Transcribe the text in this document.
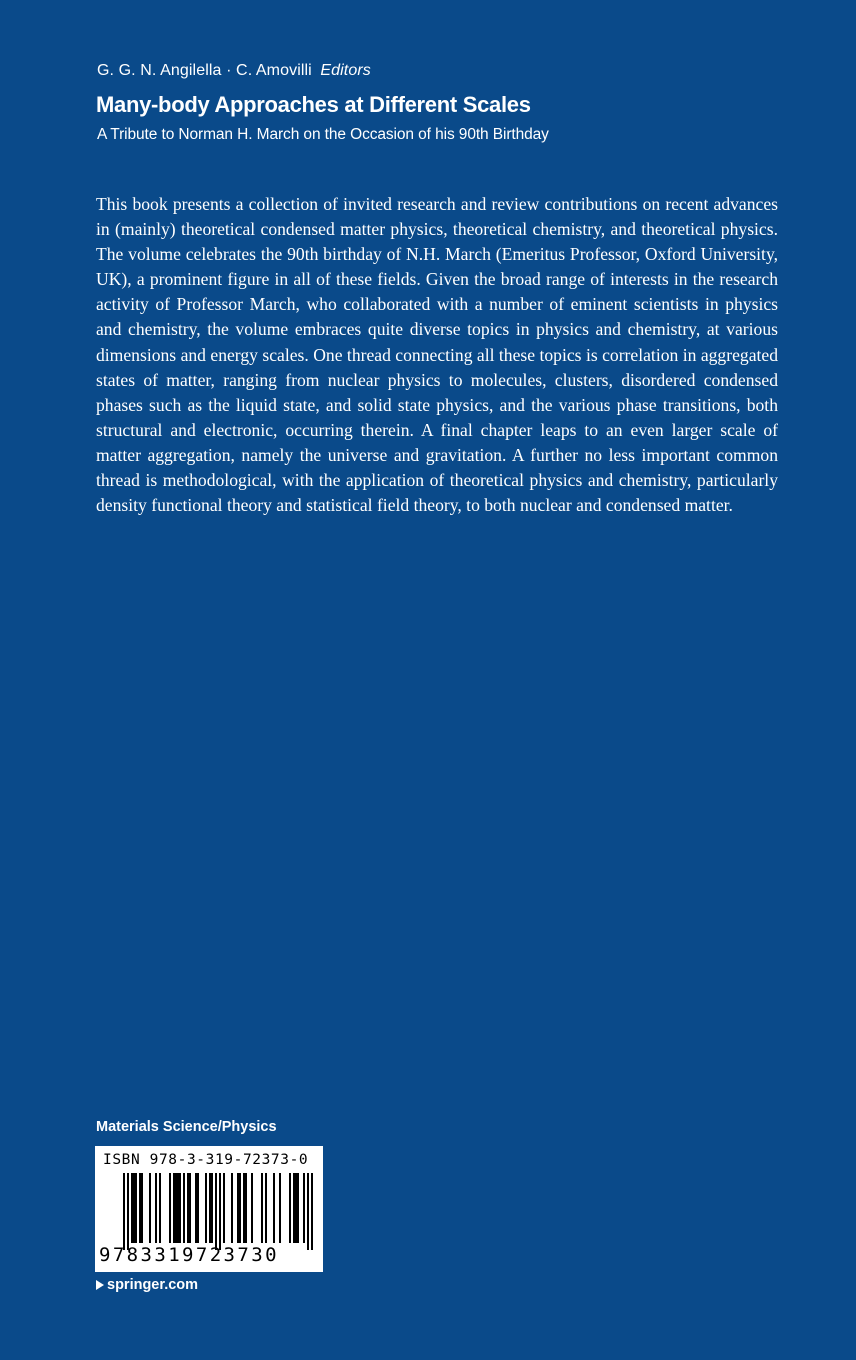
G. G. N. Angilella · C. Amovilli Editors
Many-body Approaches at Different Scales
A Tribute to Norman H. March on the Occasion of his 90th Birthday

This book presents a collection of invited research and review contributions on recent advances in (mainly) theoretical condensed matter physics, theoretical chemistry, and theoretical physics. The volume celebrates the 90th birthday of N.H. March (Emeritus Professor, Oxford University, UK), a prominent figure in all of these fields. Given the broad range of interests in the research activity of Professor March, who collaborated with a number of eminent scientists in physics and chemistry, the volume embraces quite diverse topics in physics and chemistry, at various dimensions and energy scales. One thread connecting all these topics is correlation in aggregated states of matter, ranging from nuclear physics to molecules, clusters, disordered condensed phases such as the liquid state, and solid state physics, and the various phase transitions, both structural and electronic, occurring therein. A final chapter leaps to an even larger scale of matter aggregation, namely the universe and gravitation. A further no less important common thread is methodological, with the application of theoretical physics and chemistry, particularly density functional theory and statistical field theory, to both nuclear and condensed matter.

Materials Science/Physics
ISBN 978-3-319-72373-0
9783319723730
springer.com
